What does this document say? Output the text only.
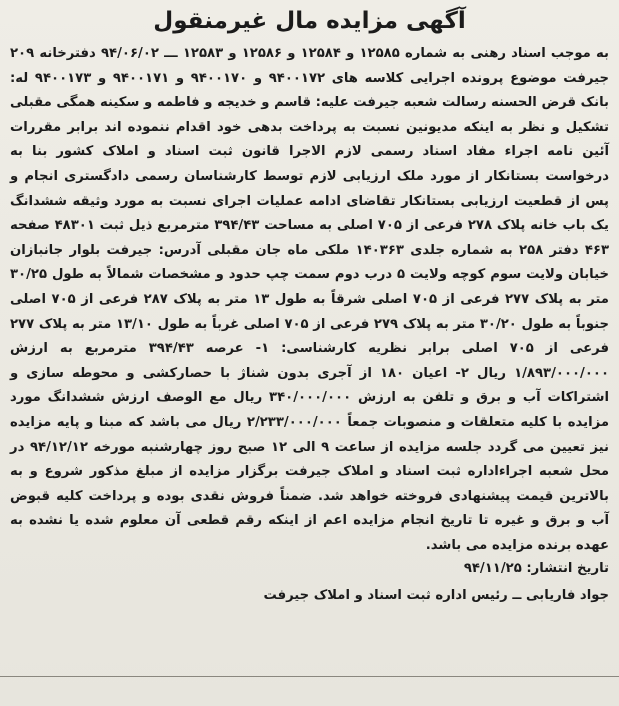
آگهی مزایده مال غیرمنقول

به موجب اسناد رهنی به شماره ۱۲۵۸۵ و ۱۲۵۸۴ و ۱۲۵۸۶ و ۱۲۵۸۳ ـــ ۹۴/۰۶/۰۲ دفترخانه ۲۰۹ جیرفت موضوع پرونده اجرایی کلاسه های ۹۴۰۰۱۷۲ و ۹۴۰۰۱۷۰ و ۹۴۰۰۱۷۱ و ۹۴۰۰۱۷۳ له: بانک قرض الحسنه رسالت شعبه جیرفت علیه: قاسم و خدیجه و فاطمه و سکینه همگی مقبلی تشکیل و نظر به اینکه مدیونین نسبت به پرداخت بدهی خود اقدام ننموده اند برابر مقررات آئین نامه اجراء مفاد اسناد رسمی لازم الاجرا قانون ثبت اسناد و املاک کشور بنا به درخواست بستانکار از مورد ملک ارزیابی لازم توسط کارشناسان رسمی دادگستری انجام و پس از قطعیت ارزیابی بستانکار تقاضای ادامه عملیات اجرای نسبت به مورد وثیقه ششدانگ یک باب خانه پلاک ۲۷۸ فرعی از ۷۰۵ اصلی به مساحت ۳۹۴/۴۳ مترمربع ذیل ثبت ۴۸۳۰۱ صفحه ۴۶۳ دفتر ۲۵۸ به شماره جلدی ۱۴۰۳۶۳ ملکی ماه جان مقبلی آدرس: جیرفت بلوار جانبازان خیابان ولایت سوم کوچه ولایت ۵ درب دوم سمت چپ حدود و مشخصات شمالاً به طول ۳۰/۲۵ متر به پلاک ۲۷۷ فرعی از ۷۰۵ اصلی شرقاً به طول ۱۳ متر به پلاک ۲۸۷ فرعی از ۷۰۵ اصلی جنوباً به طول ۳۰/۲۰ متر به پلاک ۲۷۹ فرعی از ۷۰۵ اصلی غرباً به طول ۱۳/۱۰ متر به پلاک ۲۷۷ فرعی از ۷۰۵ اصلی برابر نظریه کارشناسی: ۱- عرصه ۳۹۴/۴۳ مترمربع به ارزش ۱/۸۹۳/۰۰۰/۰۰۰ ریال ۲- اعیان ۱۸۰ از آجری بدون شناژ با حصارکشی و محوطه سازی و اشتراکات آب و برق و تلفن به ارزش ۳۴۰/۰۰۰/۰۰۰ ریال مع الوصف ارزش ششدانگ مورد مزایده با کلیه متعلقات و منصوبات جمعاً ۲/۲۳۳/۰۰۰/۰۰۰ ریال می باشد که مبنا و پایه مزایده نیز تعیین می گردد جلسه مزایده از ساعت ۹ الی ۱۲ صبح روز چهارشنبه مورخه ۹۴/۱۲/۱۲ در محل شعبه اجراءاداره ثبت اسناد و املاک جیرفت برگزار مزایده از مبلغ مذکور شروع و به بالاترین قیمت پیشنهادی فروخته خواهد شد. ضمناً فروش نقدی بوده و پرداخت کلیه قبوض آب و برق و غیره تا تاریخ انجام مزایده اعم از اینکه رقم قطعی آن معلوم شده یا نشده به عهده برنده مزایده می باشد.

تاریخ انتشار: ۹۴/۱۱/۲۵

جواد فاریابی ــ رئیس اداره ثبت اسناد و املاک جیرفت
